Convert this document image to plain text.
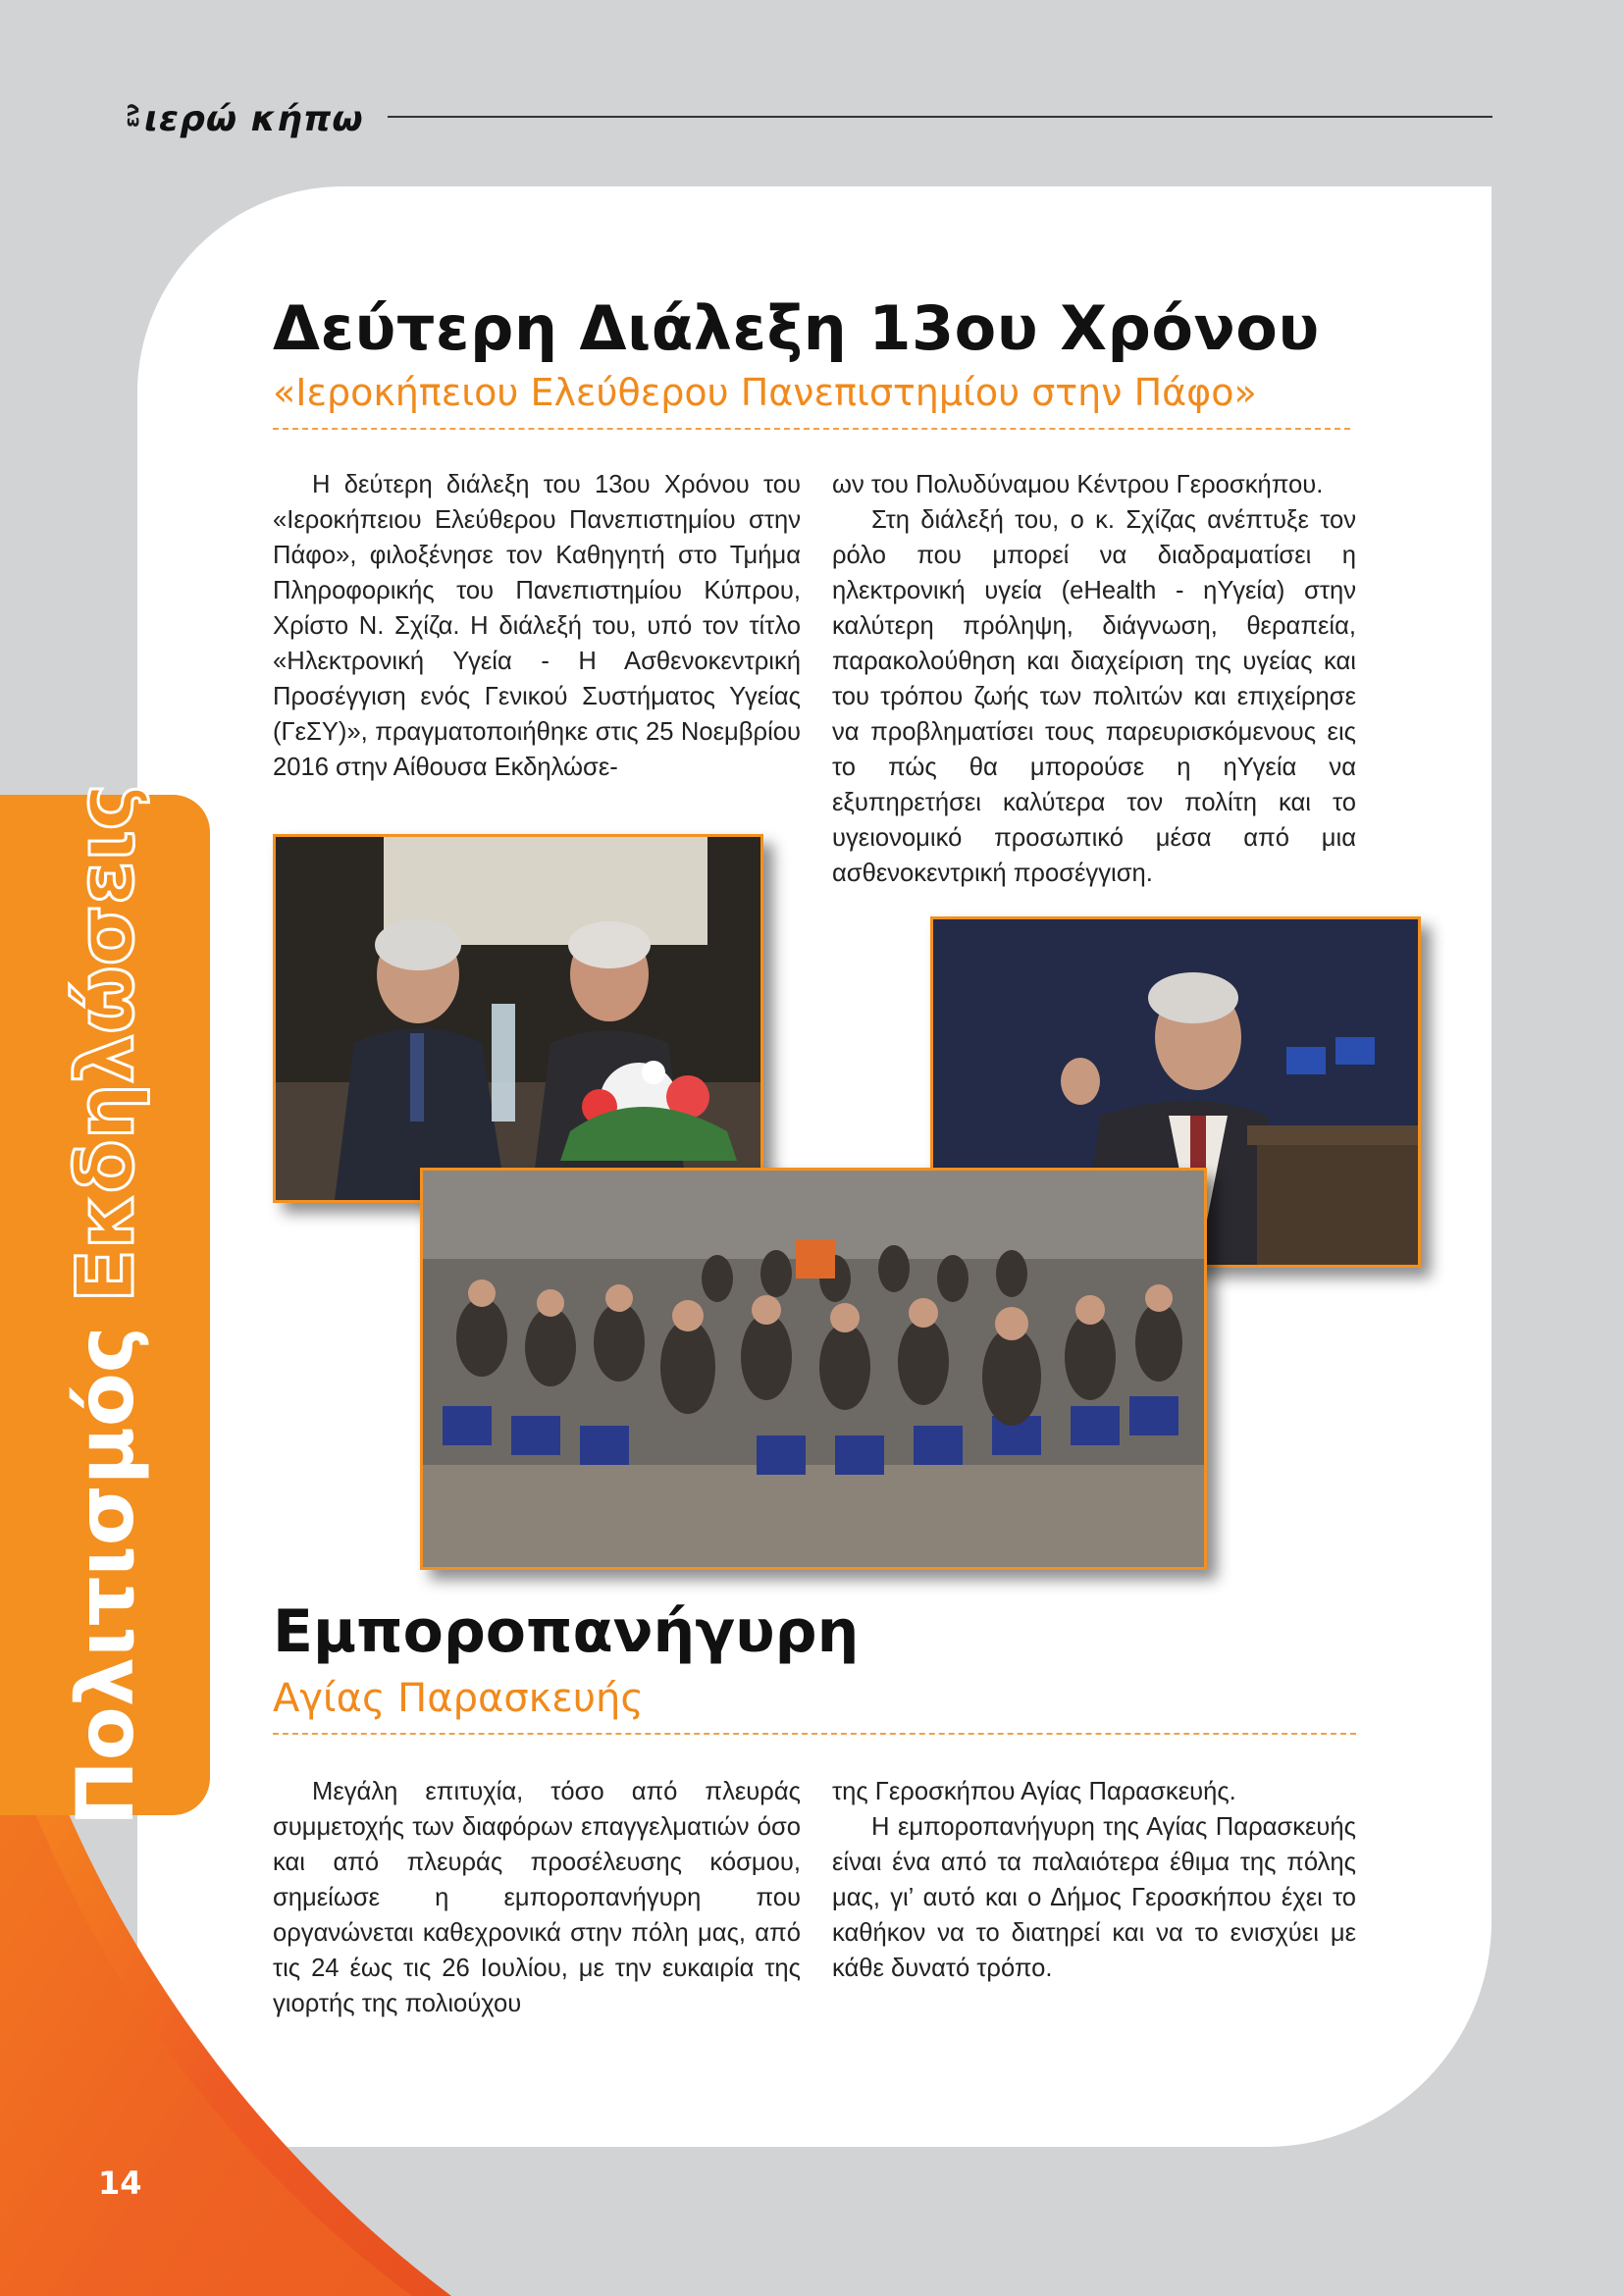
εν ιερώ κήπω
Πολιτισμός
Εκδηλώσεις
Δεύτερη Διάλεξη 13ου Χρόνου
«Ιεροκήπειου Ελεύθερου Πανεπιστημίου στην Πάφο»

Η δεύτερη διάλεξη του 13ου Χρόνου του «Ιεροκήπειου Ελεύθερου Πανεπιστημίου στην Πάφο», φιλοξένησε τον Καθηγητή στο Τμήμα Πληροφορικής του Πανεπιστημίου Κύπρου, Χρίστο Ν. Σχίζα. Η διάλεξή του, υπό τον τίτλο «Ηλεκτρονική Υγεία - Η Ασθενοκεντρική Προσέγγιση ενός Γενικού Συστήματος Υγείας (ΓεΣΥ)», πραγματοποιήθηκε στις 25 Νοεμβρίου 2016 στην Αίθουσα Εκδηλώσε-

ων του Πολυδύναμου Κέντρου Γεροσκήπου.

Στη διάλεξή του, ο κ. Σχίζας ανέπτυξε τον ρόλο που μπορεί να διαδραματίσει η ηλεκτρονική υγεία (eHealth - ηΥγεία) στην καλύτερη πρόληψη, διάγνωση, θεραπεία, παρακολούθηση και διαχείριση της υγείας και του τρόπου ζωής των πολιτών και επιχείρησε να προβληματίσει τους παρευρισκόμενους εις το πώς θα μπορούσε η ηΥγεία να εξυπηρετήσει καλύτερα τον πολίτη και το υγειονομικό προσωπικό μέσα από μια ασθενοκεντρική προσέγγιση.

Εμποροπανήγυρη
Αγίας Παρασκευής

Μεγάλη επιτυχία, τόσο από πλευράς συμμετοχής των διαφόρων επαγγελματιών όσο και από πλευράς προσέλευσης κόσμου, σημείωσε η εμποροπανήγυρη που οργανώνεται καθεχρονικά στην πόλη μας, από τις 24 έως τις 26 Ιουλίου, με την ευκαιρία της γιορτής της πολιούχου

της Γεροσκήπου Αγίας Παρασκευής.

Η εμποροπανήγυρη της Αγίας Παρασκευής είναι ένα από τα παλαιότερα έθιμα της πόλης μας, γι’ αυτό και ο Δήμος Γεροσκήπου έχει το καθήκον να το διατηρεί και να το ενισχύει με κάθε δυνατό τρόπο.

14
